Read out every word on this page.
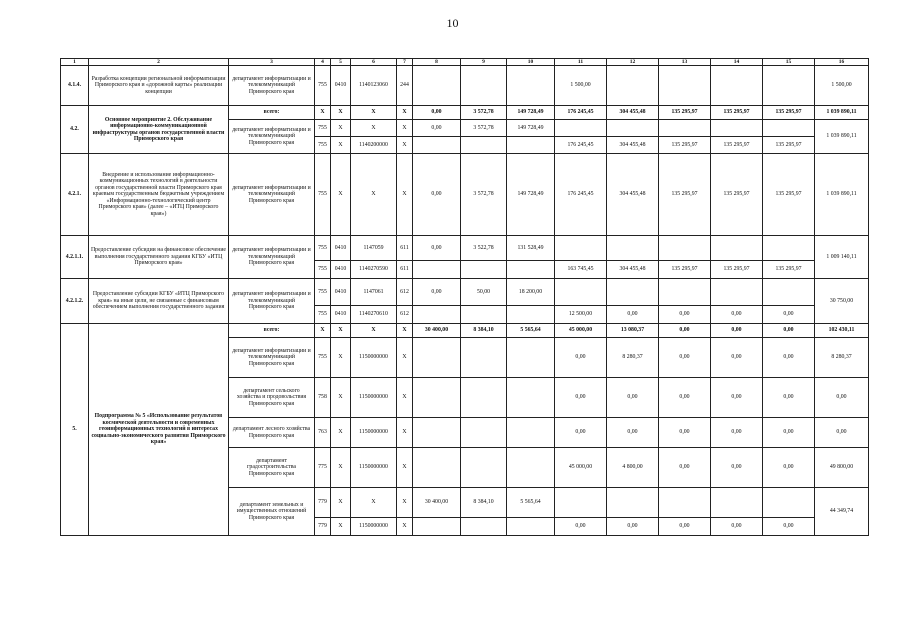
10
1	2	3	4	5	6	7	8	9	10	11	12	13	14	15	16
4.1.4.	Разработка концепции региональной информатизации Приморского края и «дорожной карты» реализации концепции	департамент информатизации и телекоммуникаций Приморского края	755	0410	1140123060	244				1 500,00					1 500,00
4.2.	Основное мероприятие 2. Обслуживание информационно-коммуникационной инфраструктуры органов государственной власти Приморского края	всего:	X	X	X	X	0,00	3 572,78	149 728,49	176 245,45	304 455,48	135 295,97	135 295,97	135 295,97	1 039 890,11
		департамент информатизации и телекоммуникаций Приморского края	755	X	X	X	0,00	3 572,78	149 728,49						1 039 890,11
			755	X	1140200000	X				176 245,45	304 455,48	135 295,97	135 295,97	135 295,97	
4.2.1.	Внедрение и использование информационно-коммуникационных технологий в деятельности органов государственной власти Приморского края краевым государственным бюджетным учреждением «Информационно-технологический центр Приморского края» (далее – «ИТЦ Приморского края»)	департамент информатизации и телекоммуникаций Приморского края	755	X	X	X	0,00	3 572,78	149 728,49	176 245,45	304 455,48	135 295,97	135 295,97	135 295,97	1 039 890,11
4.2.1.1.	Предоставление субсидии на финансовое обеспечение выполнения государственного задания КГБУ «ИТЦ Приморского края»	департамент информатизации и телекоммуникаций Приморского края	755	0410	1147059	611	0,00	3 522,78	131 528,49						1 009 140,11
			755	0410	1140270590	611				163 745,45	304 455,48	135 295,97	135 295,97	135 295,97	
4.2.1.2.	Предоставление субсидии КГБУ «ИТЦ Приморского края» на иные цели, не связанные с финансовым обеспечением выполнения государственного задания	департамент информатизации и телекоммуникаций Приморского края	755	0410	1147061	612	0,00	50,00	18 200,00						30 750,00
			755	0410	1140270610	612				12 500,00	0,00	0,00	0,00	0,00	
5.	Подпрограмма № 5 «Использование результатов космической деятельности и современных геоинформационных технологий в интересах социально-экономического развития Приморского края»	всего:	X	X	X	X	30 400,00	8 384,10	5 565,64	45 000,00	13 080,37	0,00	0,00	0,00	102 430,11
		департамент информатизации и телекоммуникаций Приморского края	755	X	1150000000	X				0,00	8 280,37	0,00	0,00	0,00	8 280,37
		департамент сельского хозяйства и продовольствия Приморского края	758	X	1150000000	X				0,00	0,00	0,00	0,00	0,00	0,00
		департамент лесного хозяйства Приморского края	763	X	1150000000	X				0,00	0,00	0,00	0,00	0,00	0,00
		департамент градостроительства Приморского края	775	X	1150000000	X				45 000,00	4 800,00	0,00	0,00	0,00	49 800,00
		департамент земельных и имущественных отношений Приморского края	779	X	X	X	30 400,00	8 384,10	5 565,64						44 349,74
			779	X	1150000000	X				0,00	0,00	0,00	0,00	0,00	
